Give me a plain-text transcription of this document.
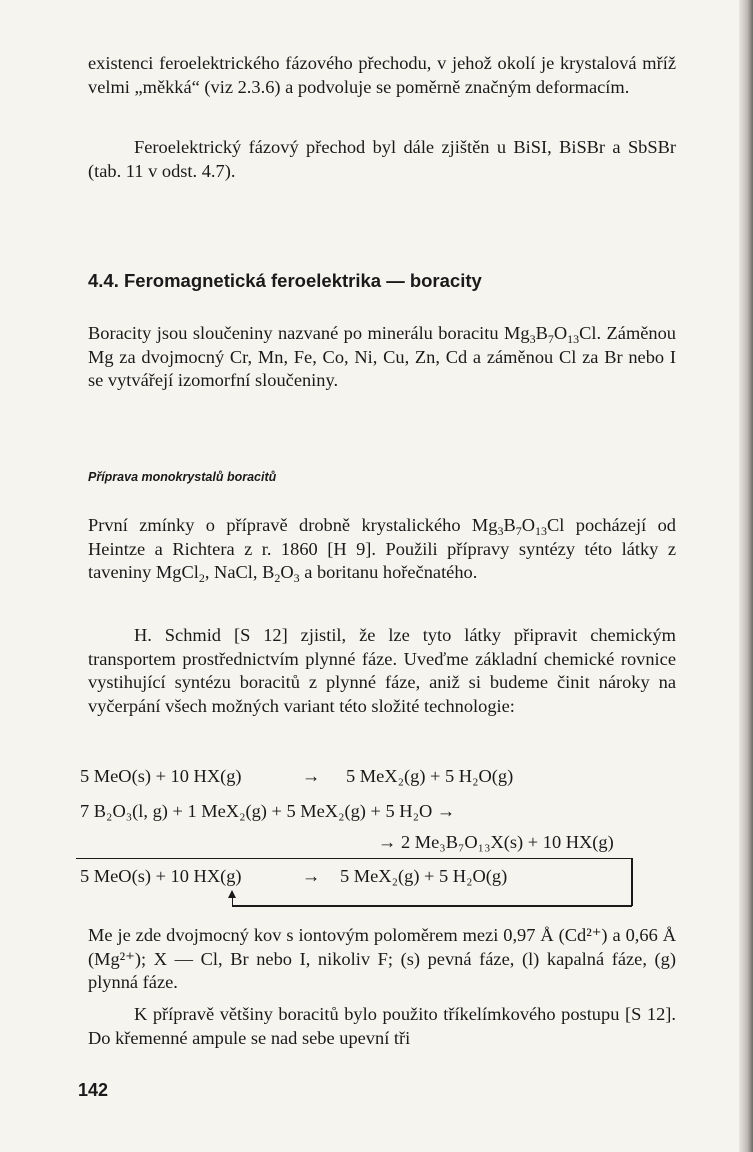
existenci feroelektrického fázového přechodu, v jehož okolí je krystalová mříž velmi „měkká“ (viz 2.3.6) a podvoluje se poměrně značným deformacím.
Feroelektrický fázový přechod byl dále zjištěn u BiSI, BiSBr a SbSBr (tab. 11 v odst. 4.7).
4.4. Feromagnetická feroelektrika — boracity
Boracity jsou sloučeniny nazvané po minerálu boracitu $Mg_3B_7O_{13}Cl$. Záměnou Mg za dvojmocný Cr, Mn, Fe, Co, Ni, Cu, Zn, Cd a záměnou Cl za Br nebo I se vytvářejí izomorfní sloučeniny.
Příprava monokrystalů boracitů
První zmínky o přípravě drobně krystalického $Mg_3B_7O_{13}Cl$ pocházejí od Heintze a Richtera z r. 1860 [H 9]. Použili přípravy syntézy této látky z taveniny MgCl$_2$, NaCl, $B_2O_3$ a boritanu hořečnatého.
H. Schmid [S 12] zjistil, že lze tyto látky připravit chemickým transportem prostřednictvím plynné fáze. Uveďme základní chemické rovnice vystihující syntézu boracitů z plynné fáze, aniž si budeme činit nároky na vyčerpání všech možných variant této složité technologie:
5 MeO(s) + 10 HX(g)	→ 5 MeX₂(g) + 5 H₂O(g)
7 B₂O₃(l, g) + 1 MeX₂(g) + 5 MeX₂(g) + 5 H₂O →
→ 2 Me₃B₇O₁₃X(s) + 10 HX(g)
5 MeO(s) + 10 HX(g)	→ 5 MeX₂(g) + 5 H₂O(g)
Me je zde dvojmocný kov s iontovým poloměrem mezi 0,97 Å (Cd²⁺) a 0,66 Å (Mg²⁺); X — Cl, Br nebo I, nikoliv F; (s) pevná fáze, (l) kapalná fáze, (g) plynná fáze.
K přípravě většiny boracitů bylo použito tříkelímkového postupu [S 12]. Do křemenné ampule se nad sebe upevní tři
142
